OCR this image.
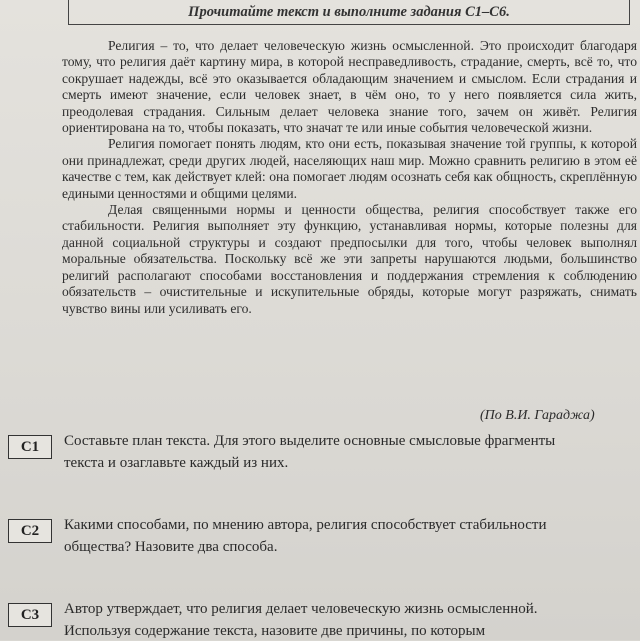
Прочитайте текст и выполните задания С1–С6.

Религия – то, что делает человеческую жизнь осмысленной. Это происходит благодаря тому, что религия даёт картину мира, в которой несправедливость, страдание, смерть, всё то, что сокрушает надежды, всё это оказывается обладающим значением и смыслом. Если страдания и смерть имеют значение, если человек знает, в чём оно, то у него появляется сила жить, преодолевая страдания. Сильным делает человека знание того, зачем он живёт. Религия ориентирована на то, чтобы показать, что значат те или иные события человеческой жизни.

Религия помогает понять людям, кто они есть, показывая значение той группы, к которой они принадлежат, среди других людей, населяющих наш мир. Можно сравнить религию в этом её качестве с тем, как действует клей: она помогает людям осознать себя как общность, скреплённую едиными ценностями и общими целями.

Делая священными нормы и ценности общества, религия способствует также его стабильности. Религия выполняет эту функцию, устанавливая нормы, которые полезны для данной социальной структуры и создают предпосылки для того, чтобы человек выполнял моральные обязательства. Поскольку всё же эти запреты нарушаются людьми, большинство религий располагают способами восстановления и поддержания стремления к соблюдению обязательств – очистительные и искупительные обряды, которые могут разряжать, снимать чувство вины или усиливать его.

(По В.И. Гараджа)
С1	Составьте план текста. Для этого выделите основные смысловые фрагменты
текста и озаглавьте каждый из них.
С2	Какими способами, по мнению автора, религия способствует стабильности
общества? Назовите два способа.
С3	Автор утверждает, что религия делает человеческую жизнь осмысленной.
Используя содержание текста, назовите две причины, по которым
